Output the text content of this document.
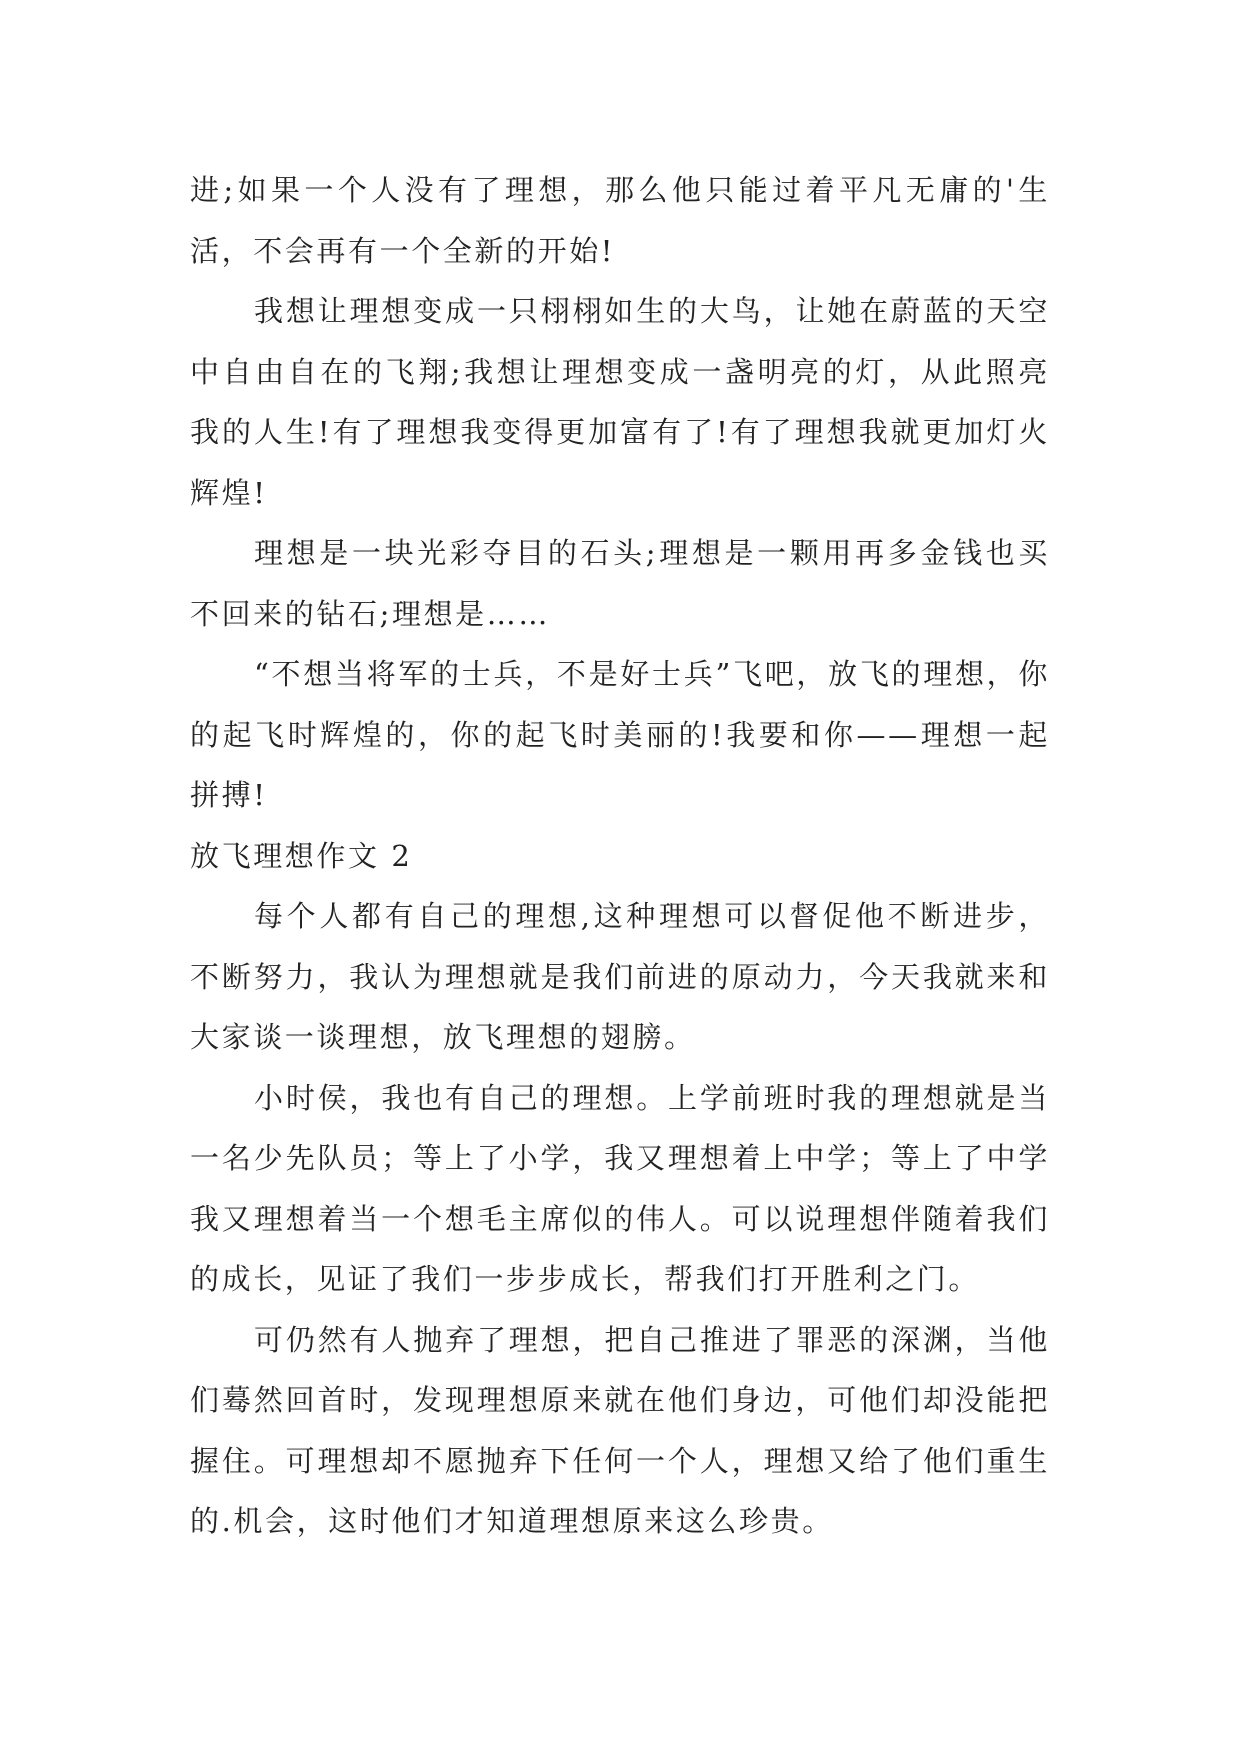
进;如果一个人没有了理想，那么他只能过着平凡无庸的'生活，不会再有一个全新的开始!

我想让理想变成一只栩栩如生的大鸟，让她在蔚蓝的天空中自由自在的飞翔;我想让理想变成一盏明亮的灯，从此照亮我的人生!有了理想我变得更加富有了!有了理想我就更加灯火辉煌!

理想是一块光彩夺目的石头;理想是一颗用再多金钱也买不回来的钻石;理想是……

“不想当将军的士兵，不是好士兵”飞吧，放飞的理想，你的起飞时辉煌的，你的起飞时美丽的!我要和你——理想一起拼搏!

放飞理想作文 2

每个人都有自己的理想,这种理想可以督促他不断进步，不断努力，我认为理想就是我们前进的原动力，今天我就来和大家谈一谈理想，放飞理想的翅膀。

小时侯，我也有自己的理想。上学前班时我的理想就是当一名少先队员；等上了小学，我又理想着上中学；等上了中学我又理想着当一个想毛主席似的伟人。可以说理想伴随着我们的成长，见证了我们一步步成长，帮我们打开胜利之门。

可仍然有人抛弃了理想，把自己推进了罪恶的深渊，当他们蓦然回首时，发现理想原来就在他们身边，可他们却没能把握住。可理想却不愿抛弃下任何一个人，理想又给了他们重生的.机会，这时他们才知道理想原来这么珍贵。
